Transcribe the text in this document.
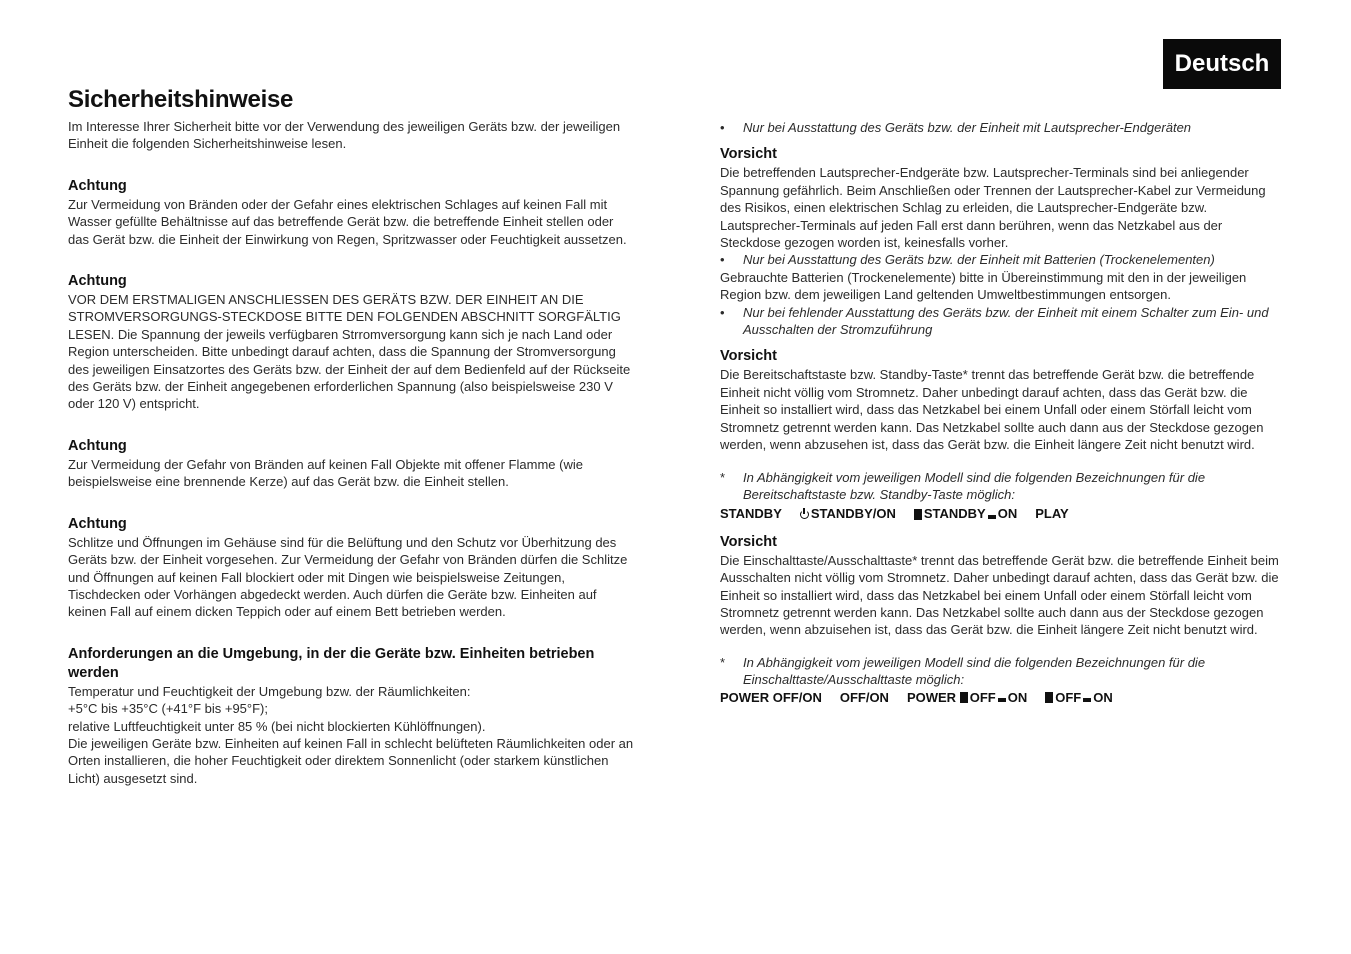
Deutsch
Sicherheitshinweise

Im Interesse Ihrer Sicherheit bitte vor der Verwendung des jeweiligen Geräts bzw. der jeweiligen Einheit die folgenden Sicherheitshinweise lesen.

Achtung

Zur Vermeidung von Bränden oder der Gefahr eines elektrischen Schlages auf keinen Fall mit Wasser gefüllte Behältnisse auf das betreffende Gerät bzw. die betreffende Einheit stellen oder das Gerät bzw. die Einheit der Einwirkung von Regen, Spritzwasser oder Feuchtigkeit aussetzen.

Achtung

VOR DEM ERSTMALIGEN ANSCHLIESSEN DES GERÄTS BZW. DER EINHEIT AN DIE STROMVERSORGUNGS-STECKDOSE BITTE DEN FOLGENDEN ABSCHNITT SORGFÄLTIG LESEN. Die Spannung der jeweils verfügbaren Strromversorgung kann sich je nach Land oder Region unterscheiden. Bitte unbedingt darauf achten, dass die Spannung der Stromversorgung des jeweiligen Einsatzortes des Geräts bzw. der Einheit der auf dem Bedienfeld auf der Rückseite des Geräts bzw. der Einheit angegebenen erforderlichen Spannung (also beispielsweise 230 V oder 120 V) entspricht.

Achtung

Zur Vermeidung der Gefahr von Bränden auf keinen Fall Objekte mit offener Flamme (wie beispielsweise eine brennende Kerze) auf das Gerät bzw. die Einheit stellen.

Achtung

Schlitze und Öffnungen im Gehäuse sind für die Belüftung und den Schutz vor Überhitzung des Geräts bzw. der Einheit vorgesehen. Zur Vermeidung der Gefahr von Bränden dürfen die Schlitze und Öffnungen auf keinen Fall blockiert oder mit Dingen wie beispielsweise Zeitungen, Tischdecken oder Vorhängen abgedeckt werden. Auch dürfen die Geräte bzw. Einheiten auf keinen Fall auf einem dicken Teppich oder auf einem Bett betrieben werden.

Anforderungen an die Umgebung, in der die Geräte bzw. Einheiten betrieben werden

Temperatur und Feuchtigkeit der Umgebung bzw. der Räumlichkeiten:

+5°C bis +35°C (+41°F bis +95°F);

relative Luftfeuchtigkeit unter 85 % (bei nicht blockierten Kühlöffnungen).

Die jeweiligen Geräte bzw. Einheiten auf keinen Fall in schlecht belüfteten Räumlichkeiten oder an Orten installieren, die hoher Feuchtigkeit oder direktem Sonnenlicht (oder starkem künstlichen Licht) ausgesetzt sind.

• Nur bei Ausstattung des Geräts bzw. der Einheit mit Lautsprecher-Endgeräten

Vorsicht

Die betreffenden Lautsprecher-Endgeräte bzw. Lautsprecher-Terminals sind bei anliegender Spannung gefährlich. Beim Anschließen oder Trennen der Lautsprecher-Kabel zur Vermeidung des Risikos, einen elektrischen Schlag zu erleiden, die Lautsprecher-Endgeräte bzw. Lautsprecher-Terminals auf jeden Fall erst dann berühren, wenn das Netzkabel aus der Steckdose gezogen worden ist, keinesfalls vorher.

• Nur bei Ausstattung des Geräts bzw. der Einheit mit Batterien (Trockenelementen)

Gebrauchte Batterien (Trockenelemente) bitte in Übereinstimmung mit den in der jeweiligen Region bzw. dem jeweiligen Land geltenden Umweltbestimmungen entsorgen.

• Nur bei fehlender Ausstattung des Geräts bzw. der Einheit mit einem Schalter zum Ein- und Ausschalten der Stromzuführung

Vorsicht

Die Bereitschaftstaste bzw. Standby-Taste* trennt das betreffende Gerät bzw. die betreffende Einheit nicht völlig vom Stromnetz. Daher unbedingt darauf achten, dass das Gerät bzw. die Einheit so installiert wird, dass das Netzkabel bei einem Unfall oder einem Störfall leicht vom Stromnetz getrennt werden kann. Das Netzkabel sollte auch dann aus der Steckdose gezogen werden, wenn abzusehen ist, dass das Gerät bzw. die Einheit längere Zeit nicht benutzt wird.

* In Abhängigkeit vom jeweiligen Modell sind die folgenden Bezeichnungen für die Bereitschaftstaste bzw. Standby-Taste möglich:

STANDBY STANDBY/ON STANDBY ON PLAY
Vorsicht

Die Einschalttaste/Ausschalttaste* trennt das betreffende Gerät bzw. die betreffende Einheit beim Ausschalten nicht völlig vom Stromnetz. Daher unbedingt darauf achten, dass das Gerät bzw. die Einheit so installiert wird, dass das Netzkabel bei einem Unfall oder einem Störfall leicht vom Stromnetz getrennt werden kann. Das Netzkabel sollte auch dann aus der Steckdose gezogen werden, wenn abzuisehen ist, dass das Gerät bzw. die Einheit längere Zeit nicht benutzt wird.

* In Abhängigkeit vom jeweiligen Modell sind die folgenden Bezeichnungen für die Einschalttaste/Ausschalttaste möglich:

POWER OFF/ON OFF/ON POWER
OFF ON OFF ON
